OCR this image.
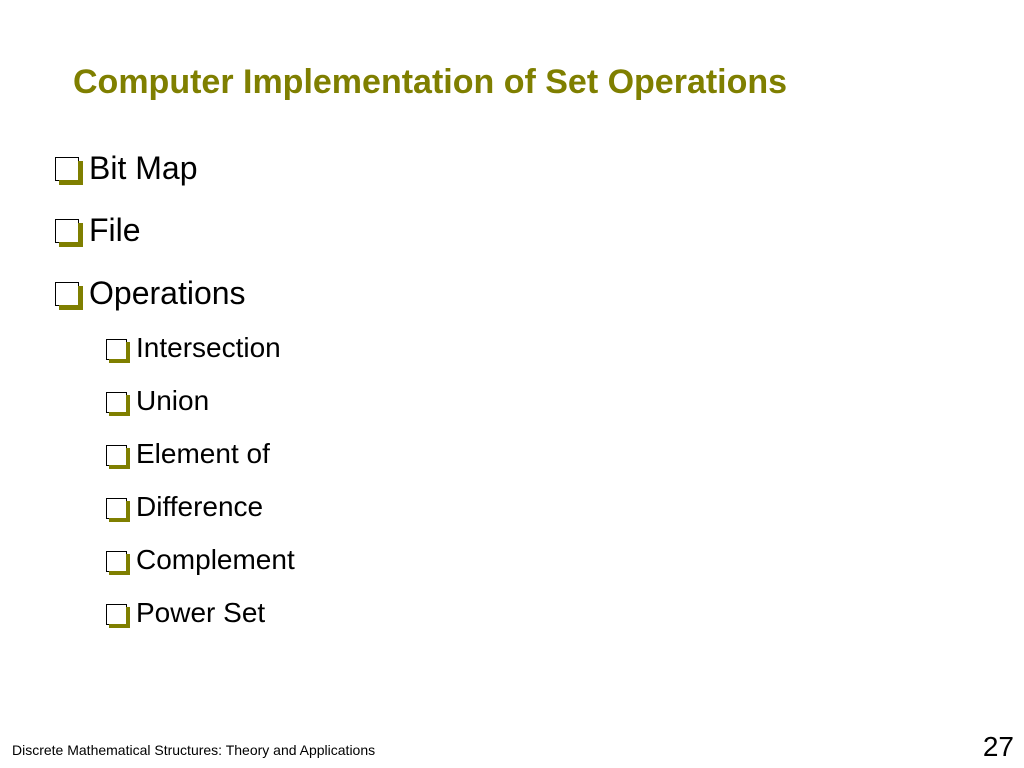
Computer Implementation of Set Operations
Bit Map
File
Operations
Intersection
Union
Element of
Difference
Complement
Power Set
Discrete Mathematical Structures: Theory and Applications	27
